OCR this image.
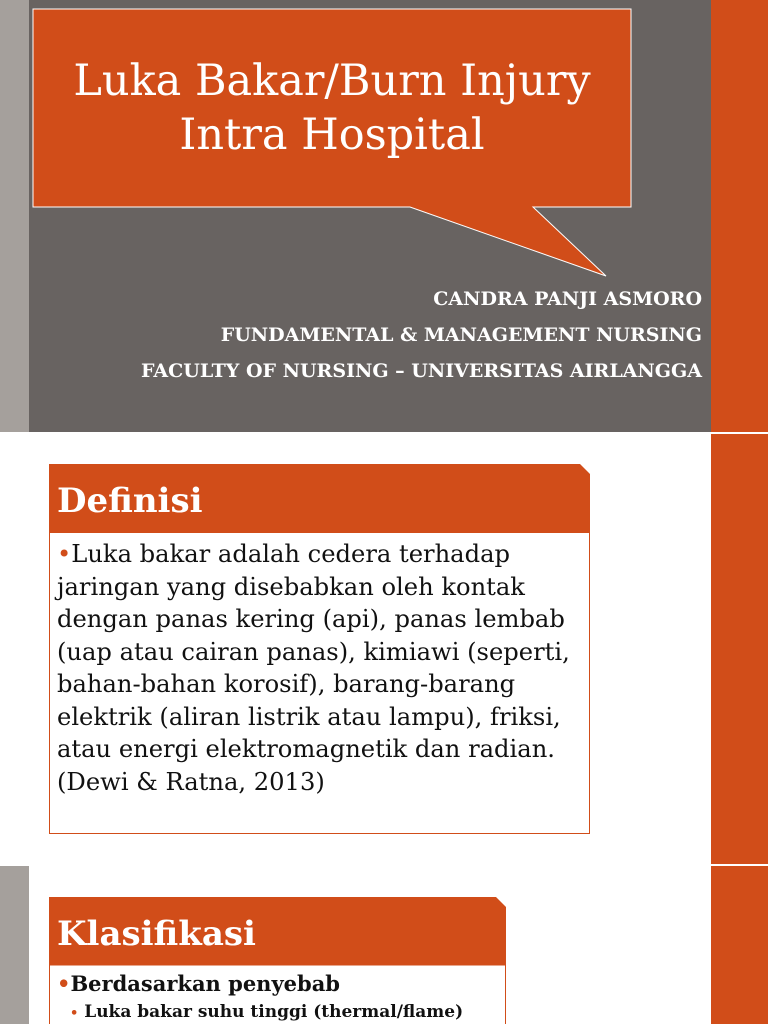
Luka Bakar/Burn Injury
Intra Hospital
CANDRA PANJI ASMORO
FUNDAMENTAL & MANAGEMENT NURSING
FACULTY OF NURSING – UNIVERSITAS AIRLANGGA
Definisi
•Luka bakar adalah cedera terhadap jaringan yang disebabkan oleh kontak dengan panas kering (api), panas lembab (uap atau cairan panas), kimiawi (seperti, bahan-bahan korosif), barang-barang elektrik (aliran listrik atau lampu), friksi, atau energi elektromagnetik dan radian. (Dewi & Ratna, 2013)
Klasifikasi
•Berdasarkan penyebab
• Luka bakar suhu tinggi (thermal/flame)
